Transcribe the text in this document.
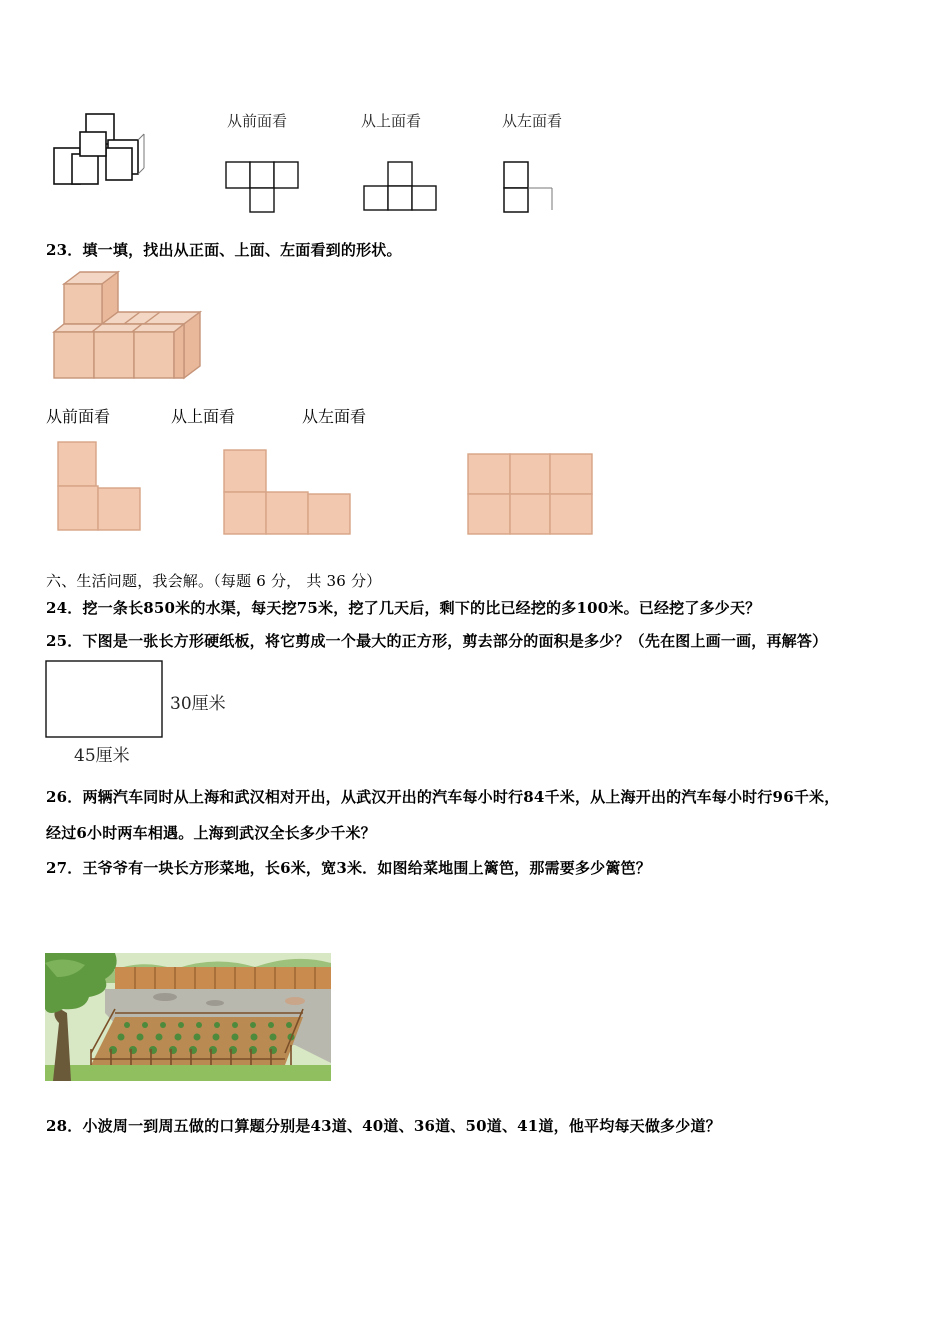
从前面看	从上面看	从左面看
23．填一填，找出从正面、上面、左面看到的形状。
从前面看	从上面看	从左面看
六、生活问题，我会解。（每题 6 分， 共 36 分）
24．挖一条长850米的水渠，每天挖75米，挖了几天后，剩下的比已经挖的多100米。已经挖了多少天？
25．下图是一张长方形硬纸板，将它剪成一个最大的正方形，剪去部分的面积是多少？（先在图上画一画，再解答）
30厘米
45厘米
26．两辆汽车同时从上海和武汉相对开出，从武汉开出的汽车每小时行84千米，从上海开出的汽车每小时行96千米，
经过6小时两车相遇。上海到武汉全长多少千米？
27．王爷爷有一块长方形菜地，长6米，宽3米．如图给菜地围上篱笆，那需要多少篱笆？
28．小波周一到周五做的口算题分别是43道、40道、36道、50道、41道，他平均每天做多少道？
